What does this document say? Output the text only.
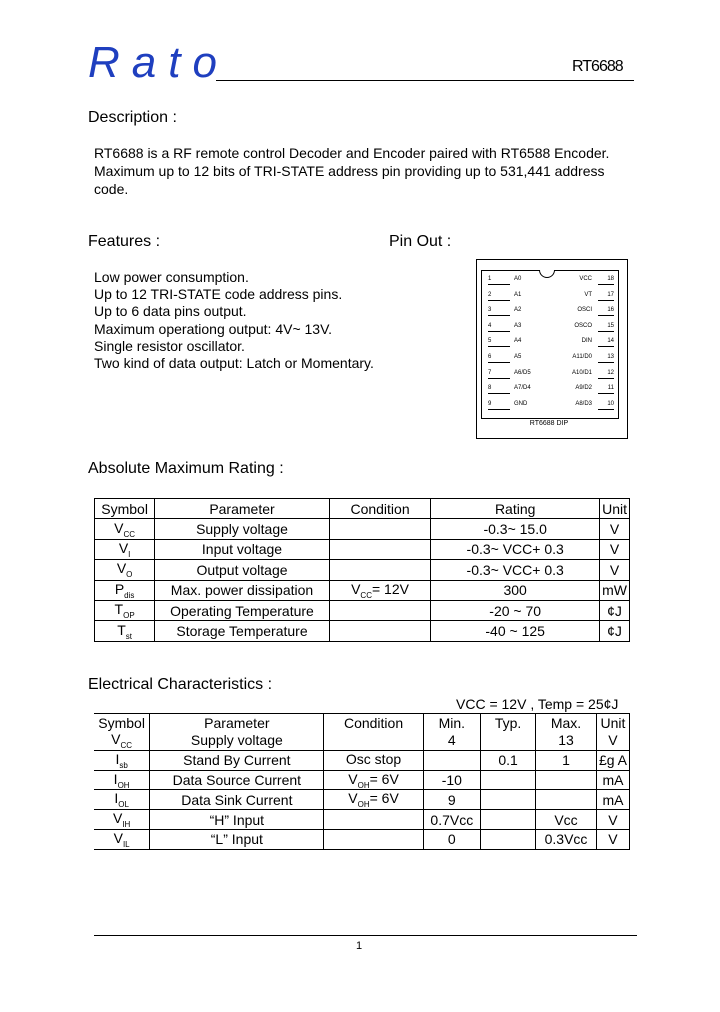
Rato	RT6688
Description :
RT6688 is a RF remote control Decoder and Encoder paired with RT6588 Encoder.
Maximum up to 12 bits of TRI-STATE address pin providing up to 531,441 address
code.
Features :	Pin Out :
Low power consumption.
Up to 12 TRI-STATE code address pins.
Up to 6 data pins output.
Maximum operationg output: 4V~ 13V.
Single resistor oscillator.
Two kind of data output: Latch or Momentary.
1	A0	VCC	18
2	A1	VT	17
3	A2	OSCI	16
4	A3	OSCO	15
5	A4	DIN	14
6	A5	A11/D0	13
7	A6/D5	A10/D1	12
8	A7/D4	A9/D2	11
9	GND	A8/D3	10
RT6688 DIP
Absolute Maximum Rating :
Symbol	Parameter	Condition	Rating	Unit
$V_{CC}$	Supply voltage		-0.3~ 15.0	V
$V_I$	Input voltage		-0.3~ VCC+ 0.3	V
$V_O$	Output voltage		-0.3~ VCC+ 0.3	V
$P_{dis}$	Max. power dissipation	$V_{CC}= 12V$	300	mW
$T_{OP}$	Operating Temperature		-20 ~ 70	¢J
$T_{st}$	Storage Temperature		-40 ~ 125	¢J
Electrical Characteristics :
VCC = 12V , Temp = 25¢J
Symbol	Parameter	Condition	Min.	Typ.	Max.	Unit
$V_{CC}$	Supply voltage		4		13	V
$I_{sb}$	Stand By Current	Osc stop		0.1	1	£g A
$I_{OH}$	Data Source Current	$V_{OH}= 6V$	-10			mA
$I_{OL}$	Data Sink Current	$V_{OH}= 6V$	9			mA
$V_{IH}$	“H” Input		0.7Vcc		Vcc	V
$V_{IL}$	“L” Input		0		0.3Vcc	V
1
